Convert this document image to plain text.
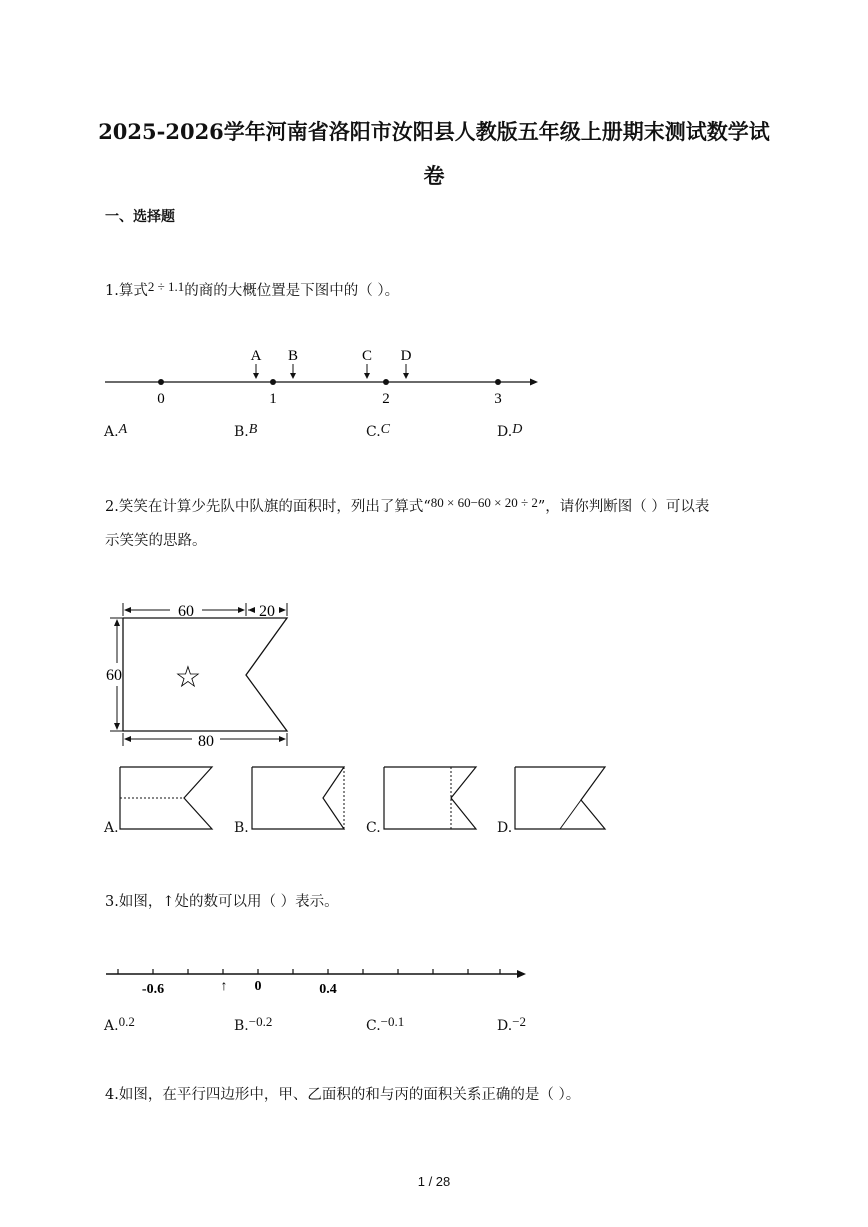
2025-2026学年河南省洛阳市汝阳县人教版五年级上册期末测试数学试
卷
一、选择题
1.算式2 ÷ 1.1的商的大概位置是下图中的（ ）。
0	1	2	3
A B	C D
A.A	B.B	C.C	D.D
2.笑笑在计算少先队中队旗的面积时，列出了算式“80 × 60−60 × 20 ÷ 2”，请你判断图（ ）可以表
示笑笑的思路。
60	20
60 ☆
80
A.	B.	C.	D.
3.如图，↑处的数可以用（ ）表示。
-0.6	0	0.4
↑
A.0.2	B.−0.2	C.−0.1	D.−2
4.如图，在平行四边形中，甲、乙面积的和与丙的面积关系正确的是（ ）。
1 / 28
